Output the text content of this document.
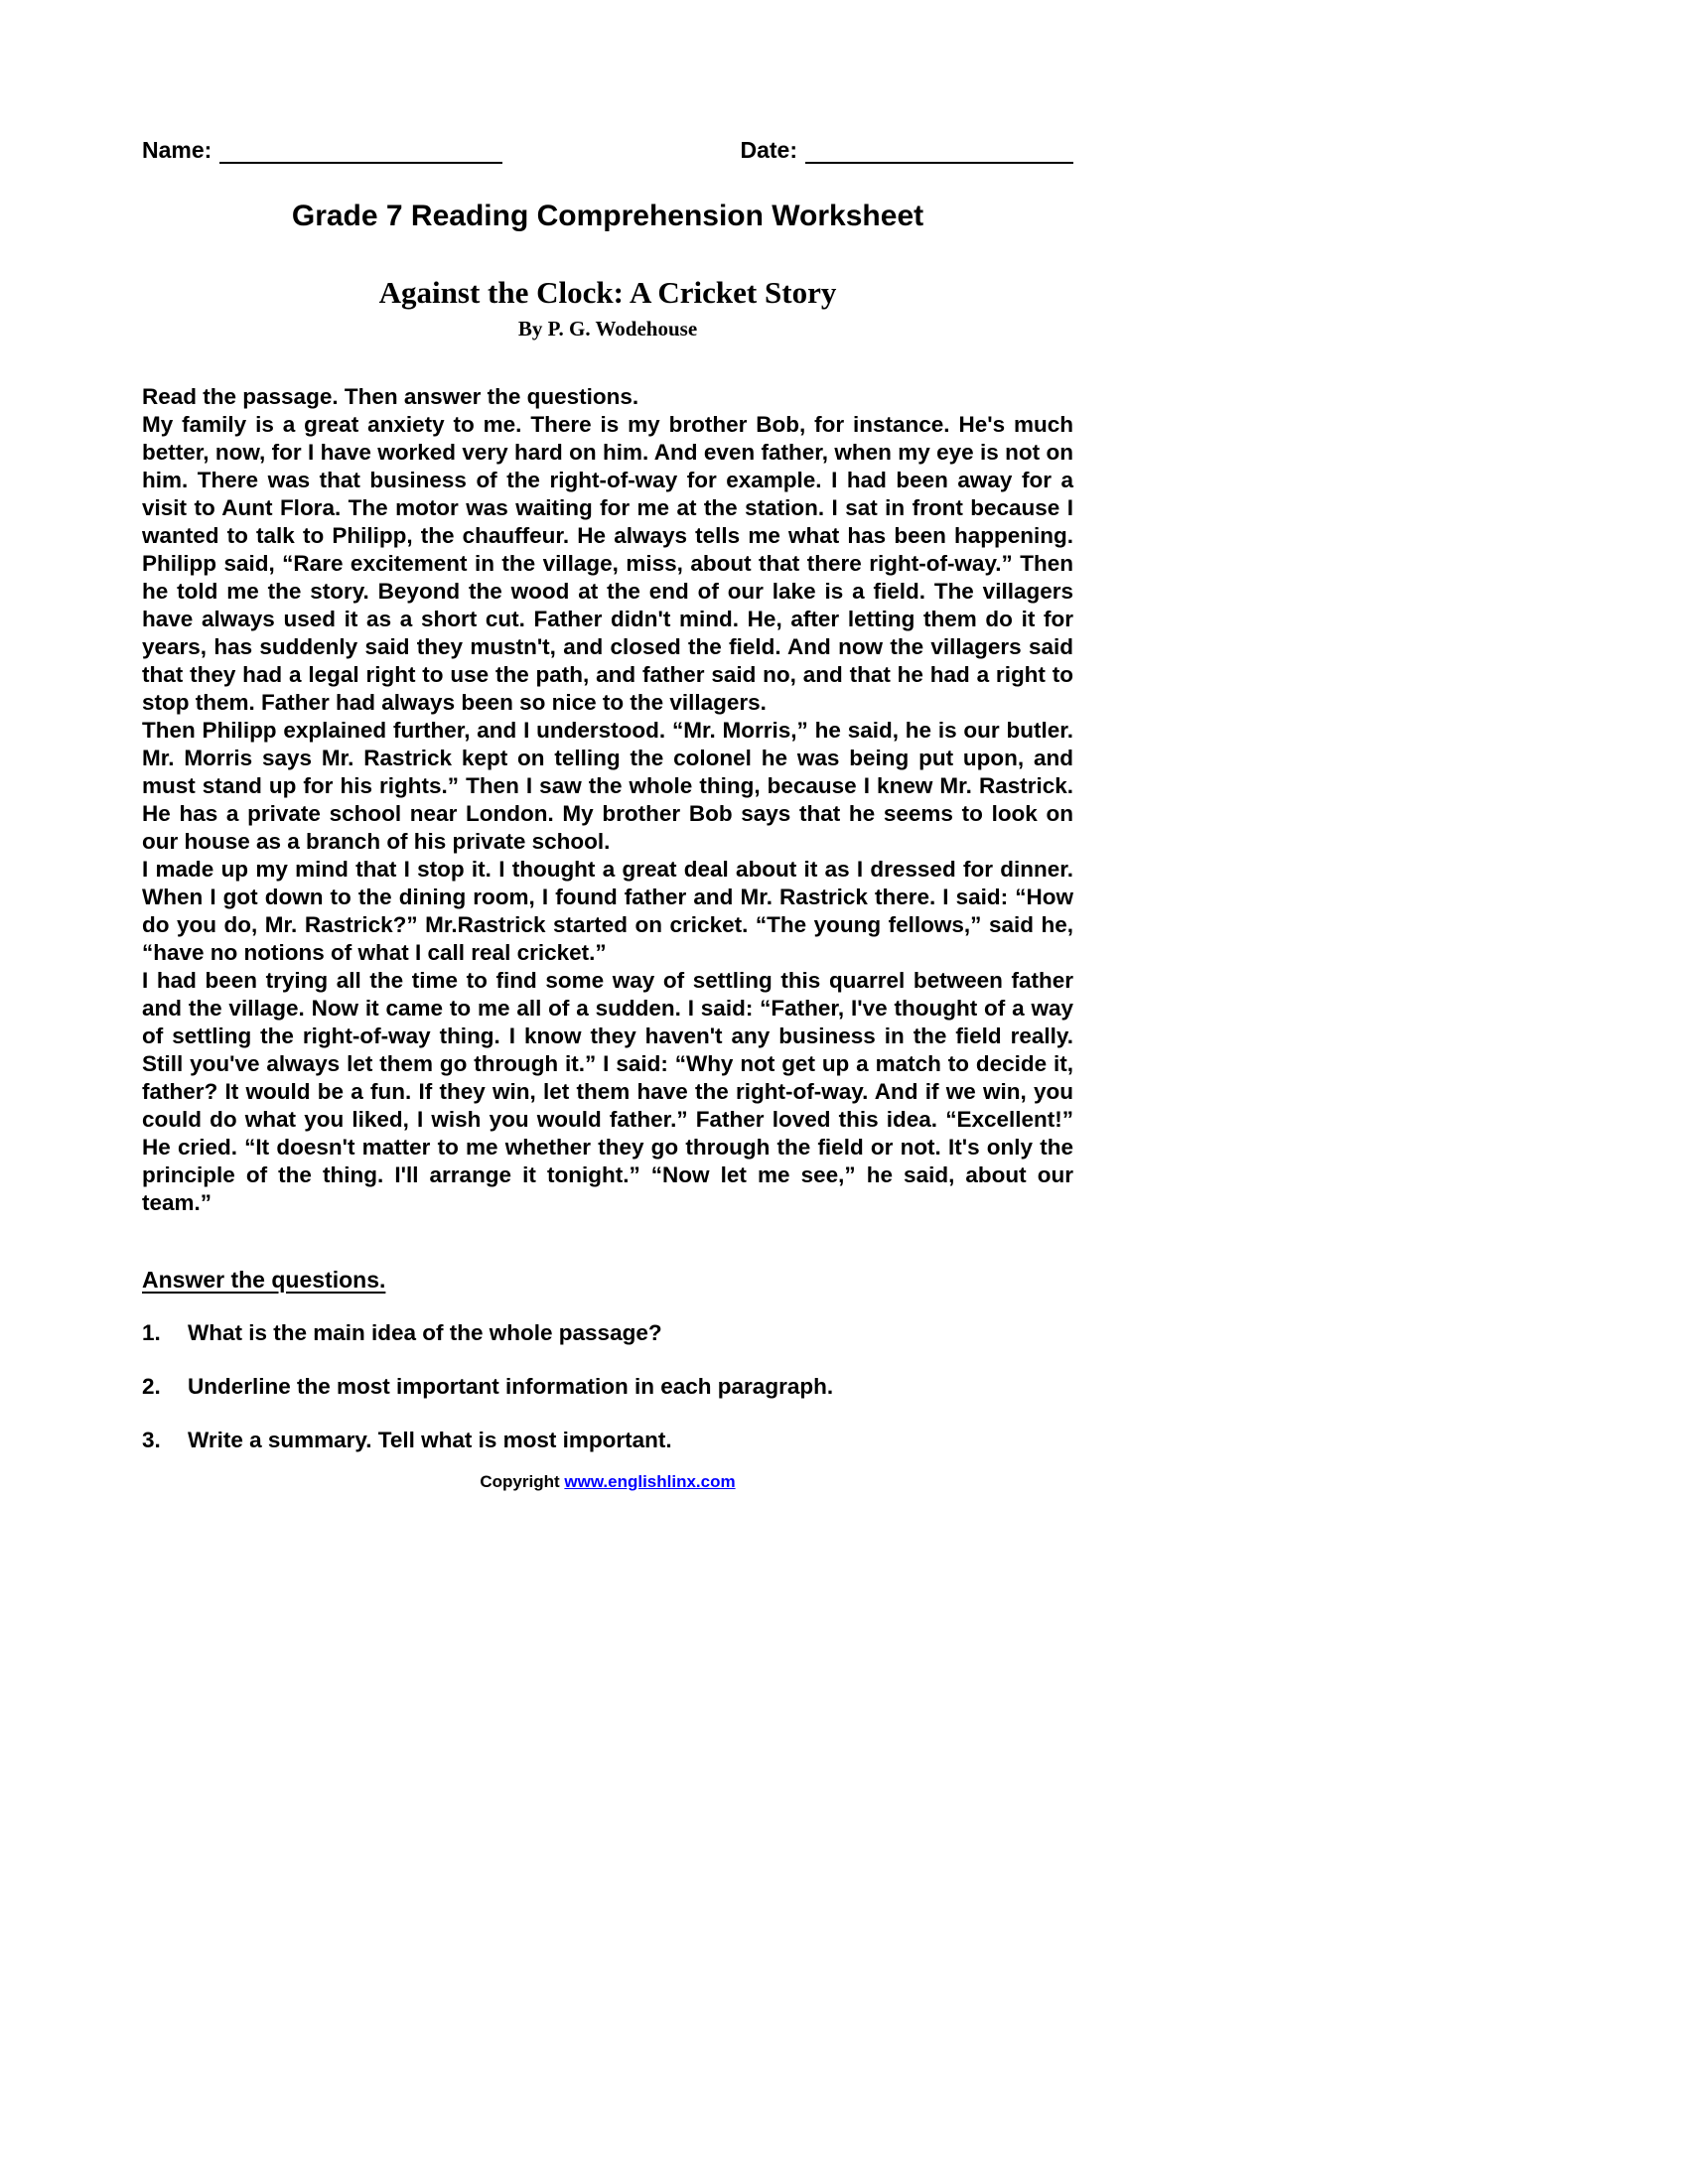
Name:	Date:
Grade 7 Reading Comprehension Worksheet
Against the Clock: A Cricket Story
By P. G. Wodehouse
Read the passage. Then answer the questions.

My family is a great anxiety to me. There is my brother Bob, for instance. He's much better, now, for I have worked very hard on him. And even father, when my eye is not on him. There was that business of the right-of-way for example. I had been away for a visit to Aunt Flora. The motor was waiting for me at the station. I sat in front because I wanted to talk to Philipp, the chauffeur. He always tells me what has been happening. Philipp said, “Rare excitement in the village, miss, about that there right-of-way.” Then he told me the story. Beyond the wood at the end of our lake is a field. The villagers have always used it as a short cut. Father didn't mind. He, after letting them do it for years, has suddenly said they mustn't, and closed the field. And now the villagers said that they had a legal right to use the path, and father said no, and that he had a right to stop them. Father had always been so nice to the villagers.

Then Philipp explained further, and I understood. “Mr. Morris,” he said, he is our butler. Mr. Morris says Mr. Rastrick kept on telling the colonel he was being put upon, and must stand up for his rights.” Then I saw the whole thing, because I knew Mr. Rastrick. He has a private school near London. My brother Bob says that he seems to look on our house as a branch of his private school.

I made up my mind that I stop it. I thought a great deal about it as I dressed for dinner. When I got down to the dining room, I found father and Mr. Rastrick there. I said: “How do you do, Mr. Rastrick?” Mr.Rastrick started on cricket. “The young fellows,” said he, “have no notions of what I call real cricket.”

I had been trying all the time to find some way of settling this quarrel between father and the village. Now it came to me all of a sudden. I said: “Father, I've thought of a way of settling the right-of-way thing. I know they haven't any business in the field really. Still you've always let them go through it.” I said: “Why not get up a match to decide it, father? It would be a fun. If they win, let them have the right-of-way. And if we win, you could do what you liked, I wish you would father.” Father loved this idea. “Excellent!” He cried. “It doesn't matter to me whether they go through the field or not. It's only the principle of the thing. I'll arrange it tonight.” “Now let me see,” he said, about our team.”

Answer the questions.
1.	What is the main idea of the whole passage?
2.	Underline the most important information in each paragraph.
3.	Write a summary. Tell what is most important.
Copyright www.englishlinx.com
